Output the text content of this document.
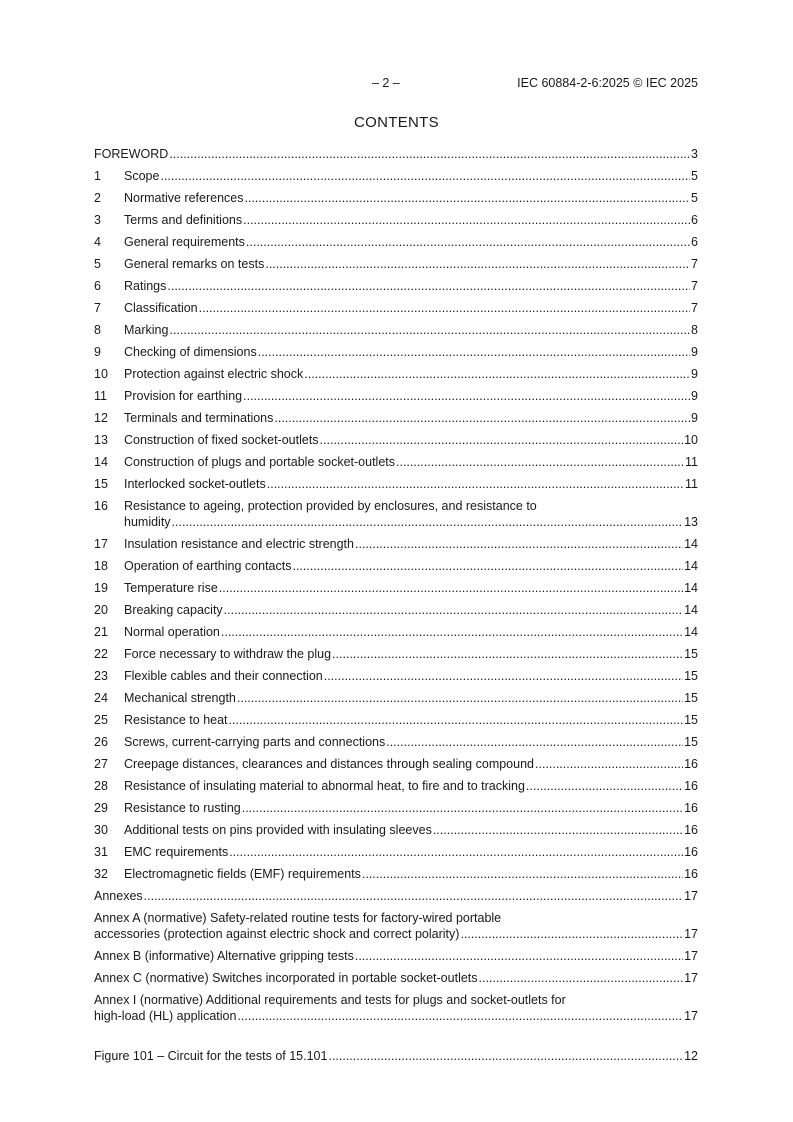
– 2 –	IEC 60884-2-6:2025 © IEC 2025
CONTENTS
FOREWORD .....	3
1	Scope .....	5
2	Normative references .....	5
3	Terms and definitions .....	6
4	General requirements .....	6
5	General remarks on tests .....	7
6	Ratings .....	7
7	Classification .....	7
8	Marking .....	8
9	Checking of dimensions .....	9
10	Protection against electric shock .....	9
11	Provision for earthing .....	9
12	Terminals and terminations .....	9
13	Construction of fixed socket-outlets .....	10
14	Construction of plugs and portable socket-outlets .....	11
15	Interlocked socket-outlets .....	11
16 Resistance to ageing, protection provided by enclosures, and resistance to
humidity .....	13
17	Insulation resistance and electric strength .....	14
18	Operation of earthing contacts .....	14
19	Temperature rise .....	14
20	Breaking capacity .....	14
21	Normal operation .....	14
22	Force necessary to withdraw the plug .....	15
23	Flexible cables and their connection .....	15
24	Mechanical strength .....	15
25	Resistance to heat .....	15
26	Screws, current-carrying parts and connections .....	15
27	Creepage distances, clearances and distances through sealing compound .....	16
28	Resistance of insulating material to abnormal heat, to fire and to tracking .....	16
29	Resistance to rusting .....	16
30	Additional tests on pins provided with insulating sleeves .....	16
31	EMC requirements .....	16
32	Electromagnetic fields (EMF) requirements .....	16
Annexes .....	17
Annex A (normative) Safety-related routine tests for factory-wired portable
accessories (protection against electric shock and correct polarity) .....	17
Annex B (informative) Alternative gripping tests .....	17
Annex C (normative) Switches incorporated in portable socket-outlets .....	17
Annex I (normative) Additional requirements and tests for plugs and socket-outlets for
high-load (HL) application .....	17
Figure 101 – Circuit for the tests of 15.101 .....	12
